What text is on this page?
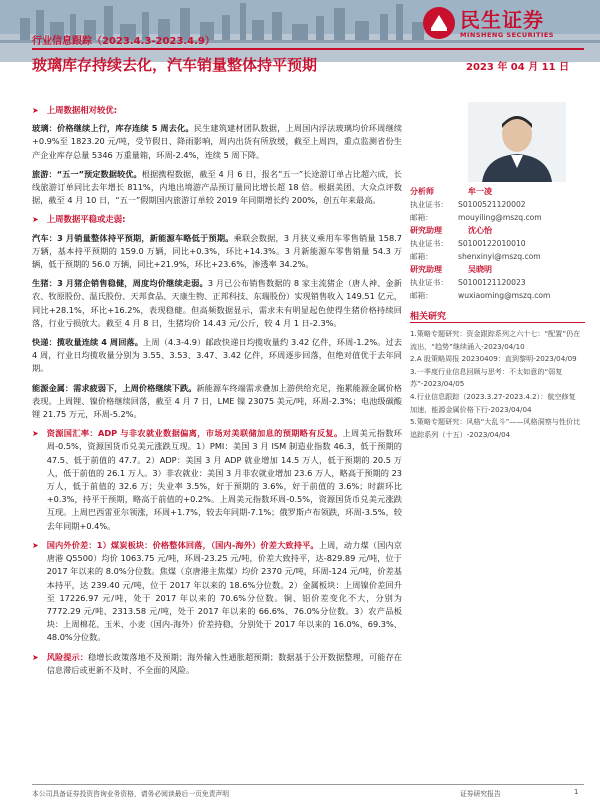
民生证券
MINSHENG SECURITIES
行业信息跟踪（2023.4.3-2023.4.9）
玻璃库存持续去化，汽车销量整体持平预期	2023 年 04 月 11 日
➤ 上周数据相对较优:

玻璃：价格继续上行，库存连续 5 周去化。民生建筑建材团队数据，上周国内浮法玻璃均价环周继续+0.9%至 1823.20 元/吨，受节假日、降雨影响，周内出货有所放缓，截至上周四，重点监测省份生产企业库存总量 5346 万重量箱，环周-2.4%，连续 5 周下降。

旅游：“五一”预定数据较优。根据携程数据，截至 4 月 6 日，报名“五一”长途游订单占比超六成，长线旅游订单同比去年增长 811%，内地出境游产品预订量同比增长超 18 倍。根据美团、大众点评数据，截至 4 月 10 日，“五一”假期国内旅游订单较 2019 年同期增长约 200%，创五年来最高。

➤ 上周数据平稳或走弱:

汽车：3 月销量整体持平预期，新能源车略低于预期。乘联会数据，3 月狭义乘用车零售销量 158.7 万辆，基本持平预期的 159.0 万辆，同比+0.3%，环比+14.3%。3 月新能源车零售销量 54.3 万辆，低于预期的 56.0 万辆，同比+21.9%，环比+23.6%，渗透率 34.2%。

生猪：3 月猪企销售稳健，周度均价继续走弱。3 月已公布销售数据的 8 家主流猪企（唐人神、金新农、牧原股份、温氏股份、天邦食品、天康生物、正邦科技、东瑞股份）实现销售收入 149.51 亿元，同比+28.1%，环比+16.2%，表现稳健。但高频数据显示，需求未有明显起色使得生猪价格持续回落，行业亏损放大。截至 4 月 8 日，生猪均价 14.43 元/公斤，较 4 月 1 日-2.3%。

快递：揽收量连续 4 周回落。上周（4.3-4.9）邮政快递日均揽收量约 3.42 亿件，环周-1.2%。过去 4 周，行业日均揽收量分别为 3.55、3.53、3.47、3.42 亿件，环周逐步回落，但绝对值优于去年同期。

能源金属：需求疲弱下，上周价格继续下跌。新能源车终端需求叠加上游供给充足，拖累能源金属价格表现。上周锂、镍价格继续回落，截至 4 月 7 日，LME 镍 23075 美元/吨，环周-2.3%；电池级碳酸锂 21.75 万元，环周-5.2%。

➤ 资源国汇率：ADP 与非农就业数据偏离，市场对美联储加息的预期略有反复。上周美元指数环周-0.5%，资源国货币兑美元涨跌互现。1）PMI：美国 3 月 ISM 制造业指数 46.3，低于预期的 47.5、低于前值的 47.7。2）ADP：美国 3 月 ADP 就业增加 14.5 万人，低于预期的 20.5 万人，低于前值的 26.1 万人。3）非农就业：美国 3 月非农就业增加 23.6 万人，略高于预期的 23 万人，低于前值的 32.6 万；失业率 3.5%，好于预期的 3.6%，好于前值的 3.6%；时薪环比+0.3%，持平于预期，略高于前值的+0.2%。上周美元指数环周-0.5%，资源国货币兑美元涨跌互现。上周巴西雷亚尔领涨，环周+1.7%，较去年同期-7.1%；俄罗斯卢布领跌，环周-3.5%，较去年同期+0.4%。
➤ 国内外价差：1）煤炭板块：价格整体回落，（国内-海外）价差大致持平。上周，动力煤（国内京唐港 Q5500）均价 1063.75 元/吨，环周-23.25 元/吨，价差大致持平，达-829.89 元/吨，位于 2017 年以来的 8.0%分位数。焦煤（京唐港主焦煤）均价 2370 元/吨，环周-124 元/吨，价差基本持平，达 239.40 元/吨，位于 2017 年以来的 18.6%分位数。2）金属板块：上周镍价差回升至 17226.97 元/吨，处于 2017 年以来的 70.6%分位数。铜、铝价差变化不大，分别为 7772.29 元/吨、2313.58 元/吨，处于 2017 年以来的 66.6%、76.0%分位数。3）农产品板块：上周棉花、玉米、小麦（国内-海外）价差持稳，分别处于 2017 年以来的 16.0%、69.3%、48.0%分位数。
➤ 风险提示：稳增长政策落地不及预期；海外输入性通胀超预期；数据基于公开数据整理，可能存在信息滞后或更新不及时、不全面的风险。
分析师	牟一凌
执业证书：	S0100521120002
邮箱：	mouyiling@mszq.com
研究助理	沈心怡
执业证书：	S0100122010010
邮箱：	shenxinyi@mszq.com
研究助理	吴晓明
执业证书：	S0100121120023
邮箱：	wuxiaoming@mszq.com
相关研究
1.策略专题研究：资金跟踪系列之六十七：“配置”仍在流出，“趋势”继续涌入-2023/04/10
2.A 股策略周报 20230409：直到黎明-2023/04/09
3.一季度行业信息回顾与思考：不太如意的“弱复苏”-2023/04/05
4.行业信息跟踪（2023.3.27-2023.4.2）：航空修复加速，能源金属价格下行-2023/04/04
5.策略专题研究：风格“大乱斗”——风格洞察与性价比追踪系列（十五）-2023/04/04
本公司具备证券投资咨询业务资格，请务必阅读最后一页免责声明	证券研究报告	1
